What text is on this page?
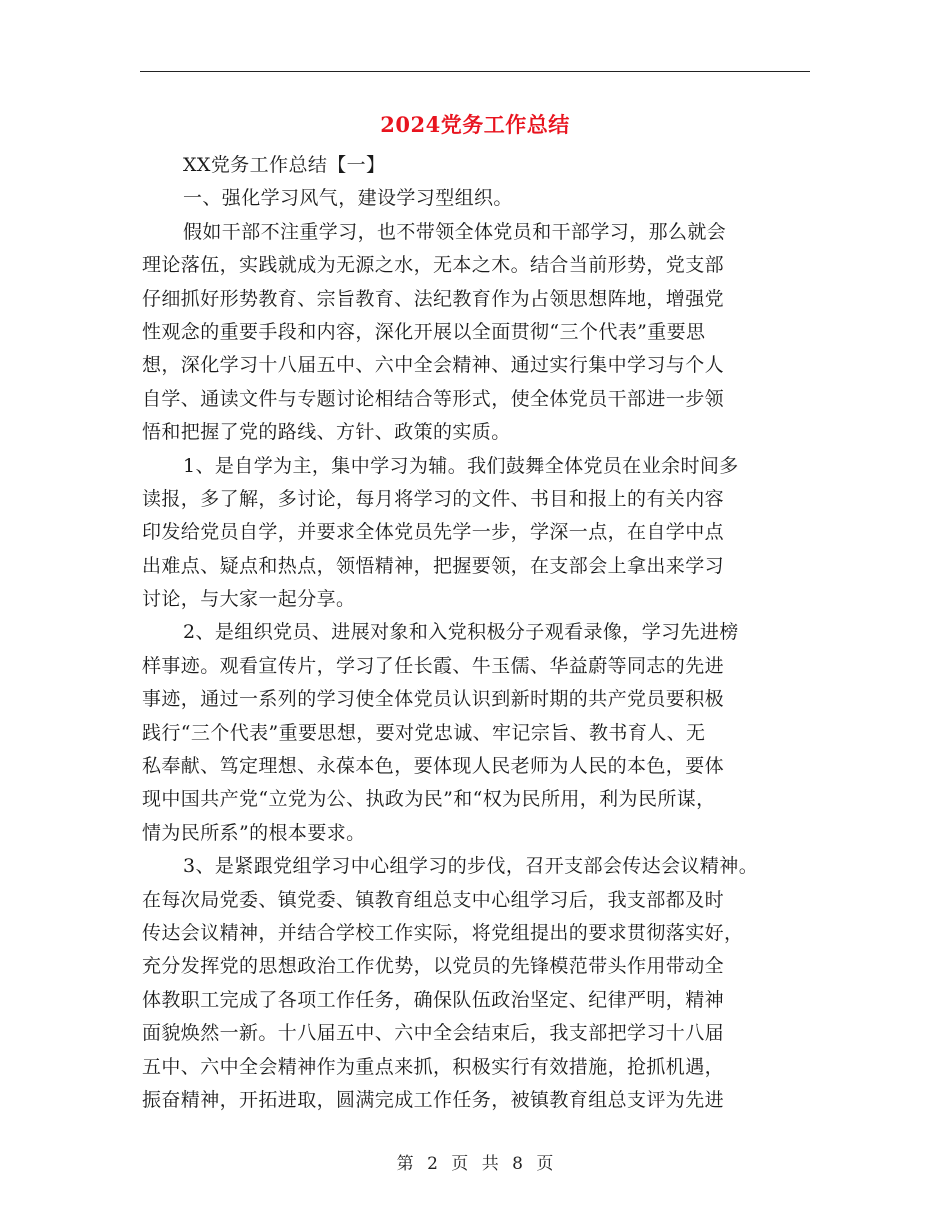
2024党务工作总结
XX党务工作总结【一】
一、强化学习风气，建设学习型组织。
假如干部不注重学习，也不带领全体党员和干部学习，那么就会
理论落伍，实践就成为无源之水，无本之木。结合当前形势，党支部
仔细抓好形势教育、宗旨教育、法纪教育作为占领思想阵地，增强党
性观念的重要手段和内容，深化开展以全面贯彻“三个代表”重要思
想，深化学习十八届五中、六中全会精神、通过实行集中学习与个人
自学、通读文件与专题讨论相结合等形式，使全体党员干部进一步领
悟和把握了党的路线、方针、政策的实质。
1、是自学为主，集中学习为辅。我们鼓舞全体党员在业余时间多
读报，多了解，多讨论，每月将学习的文件、书目和报上的有关内容
印发给党员自学，并要求全体党员先学一步，学深一点，在自学中点
出难点、疑点和热点，领悟精神，把握要领，在支部会上拿出来学习
讨论，与大家一起分享。
2、是组织党员、进展对象和入党积极分子观看录像，学习先进榜
样事迹。观看宣传片，学习了任长霞、牛玉儒、华益蔚等同志的先进
事迹，通过一系列的学习使全体党员认识到新时期的共产党员要积极
践行“三个代表”重要思想，要对党忠诚、牢记宗旨、教书育人、无
私奉献、笃定理想、永葆本色，要体现人民老师为人民的本色，要体
现中国共产党“立党为公、执政为民”和“权为民所用，利为民所谋，
情为民所系”的根本要求。
3、是紧跟党组学习中心组学习的步伐，召开支部会传达会议精神。
在每次局党委、镇党委、镇教育组总支中心组学习后，我支部都及时
传达会议精神，并结合学校工作实际，将党组提出的要求贯彻落实好，
充分发挥党的思想政治工作优势，以党员的先锋模范带头作用带动全
体教职工完成了各项工作任务，确保队伍政治坚定、纪律严明，精神
面貌焕然一新。十八届五中、六中全会结束后，我支部把学习十八届
五中、六中全会精神作为重点来抓，积极实行有效措施，抢抓机遇，
振奋精神，开拓进取，圆满完成工作任务，被镇教育组总支评为先进
第 2 页 共 8 页
